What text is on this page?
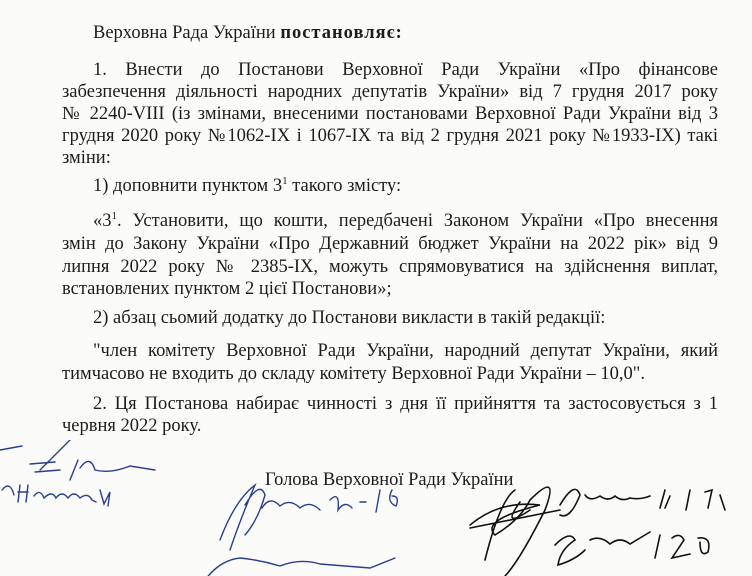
Верховна Рада України постановляє:
1. Внести до Постанови Верховної Ради України «Про фінансове
забезпечення діяльності народних депутатів України» від 7 грудня 2017 року
№ 2240-VIII (із змінами, внесеними постановами Верховної Ради України від 3
грудня 2020 року №1062-IX і 1067-IX та від 2 грудня 2021 року №1933-IX) такі
зміни:
1) доповнити пунктом $3^1$ такого змісту:
«$3^1$. Установити, що кошти, передбачені Законом України «Про внесення
змін до Закону України «Про Державний бюджет України на 2022 рік» від 9
липня 2022 року № 2385-IX, можуть спрямовуватися на здійснення виплат,
встановлених пунктом 2 цієї Постанови»;
2) абзац сьомий додатку до Постанови викласти в такій редакції:
"член комітету Верховної Ради України, народний депутат України, який
тимчасово не входить до складу комітету Верховної Ради України – 10,0".
2. Ця Постанова набирає чинності з дня її прийняття та застосовується з 1
червня 2022 року.
Голова Верховної Ради України
